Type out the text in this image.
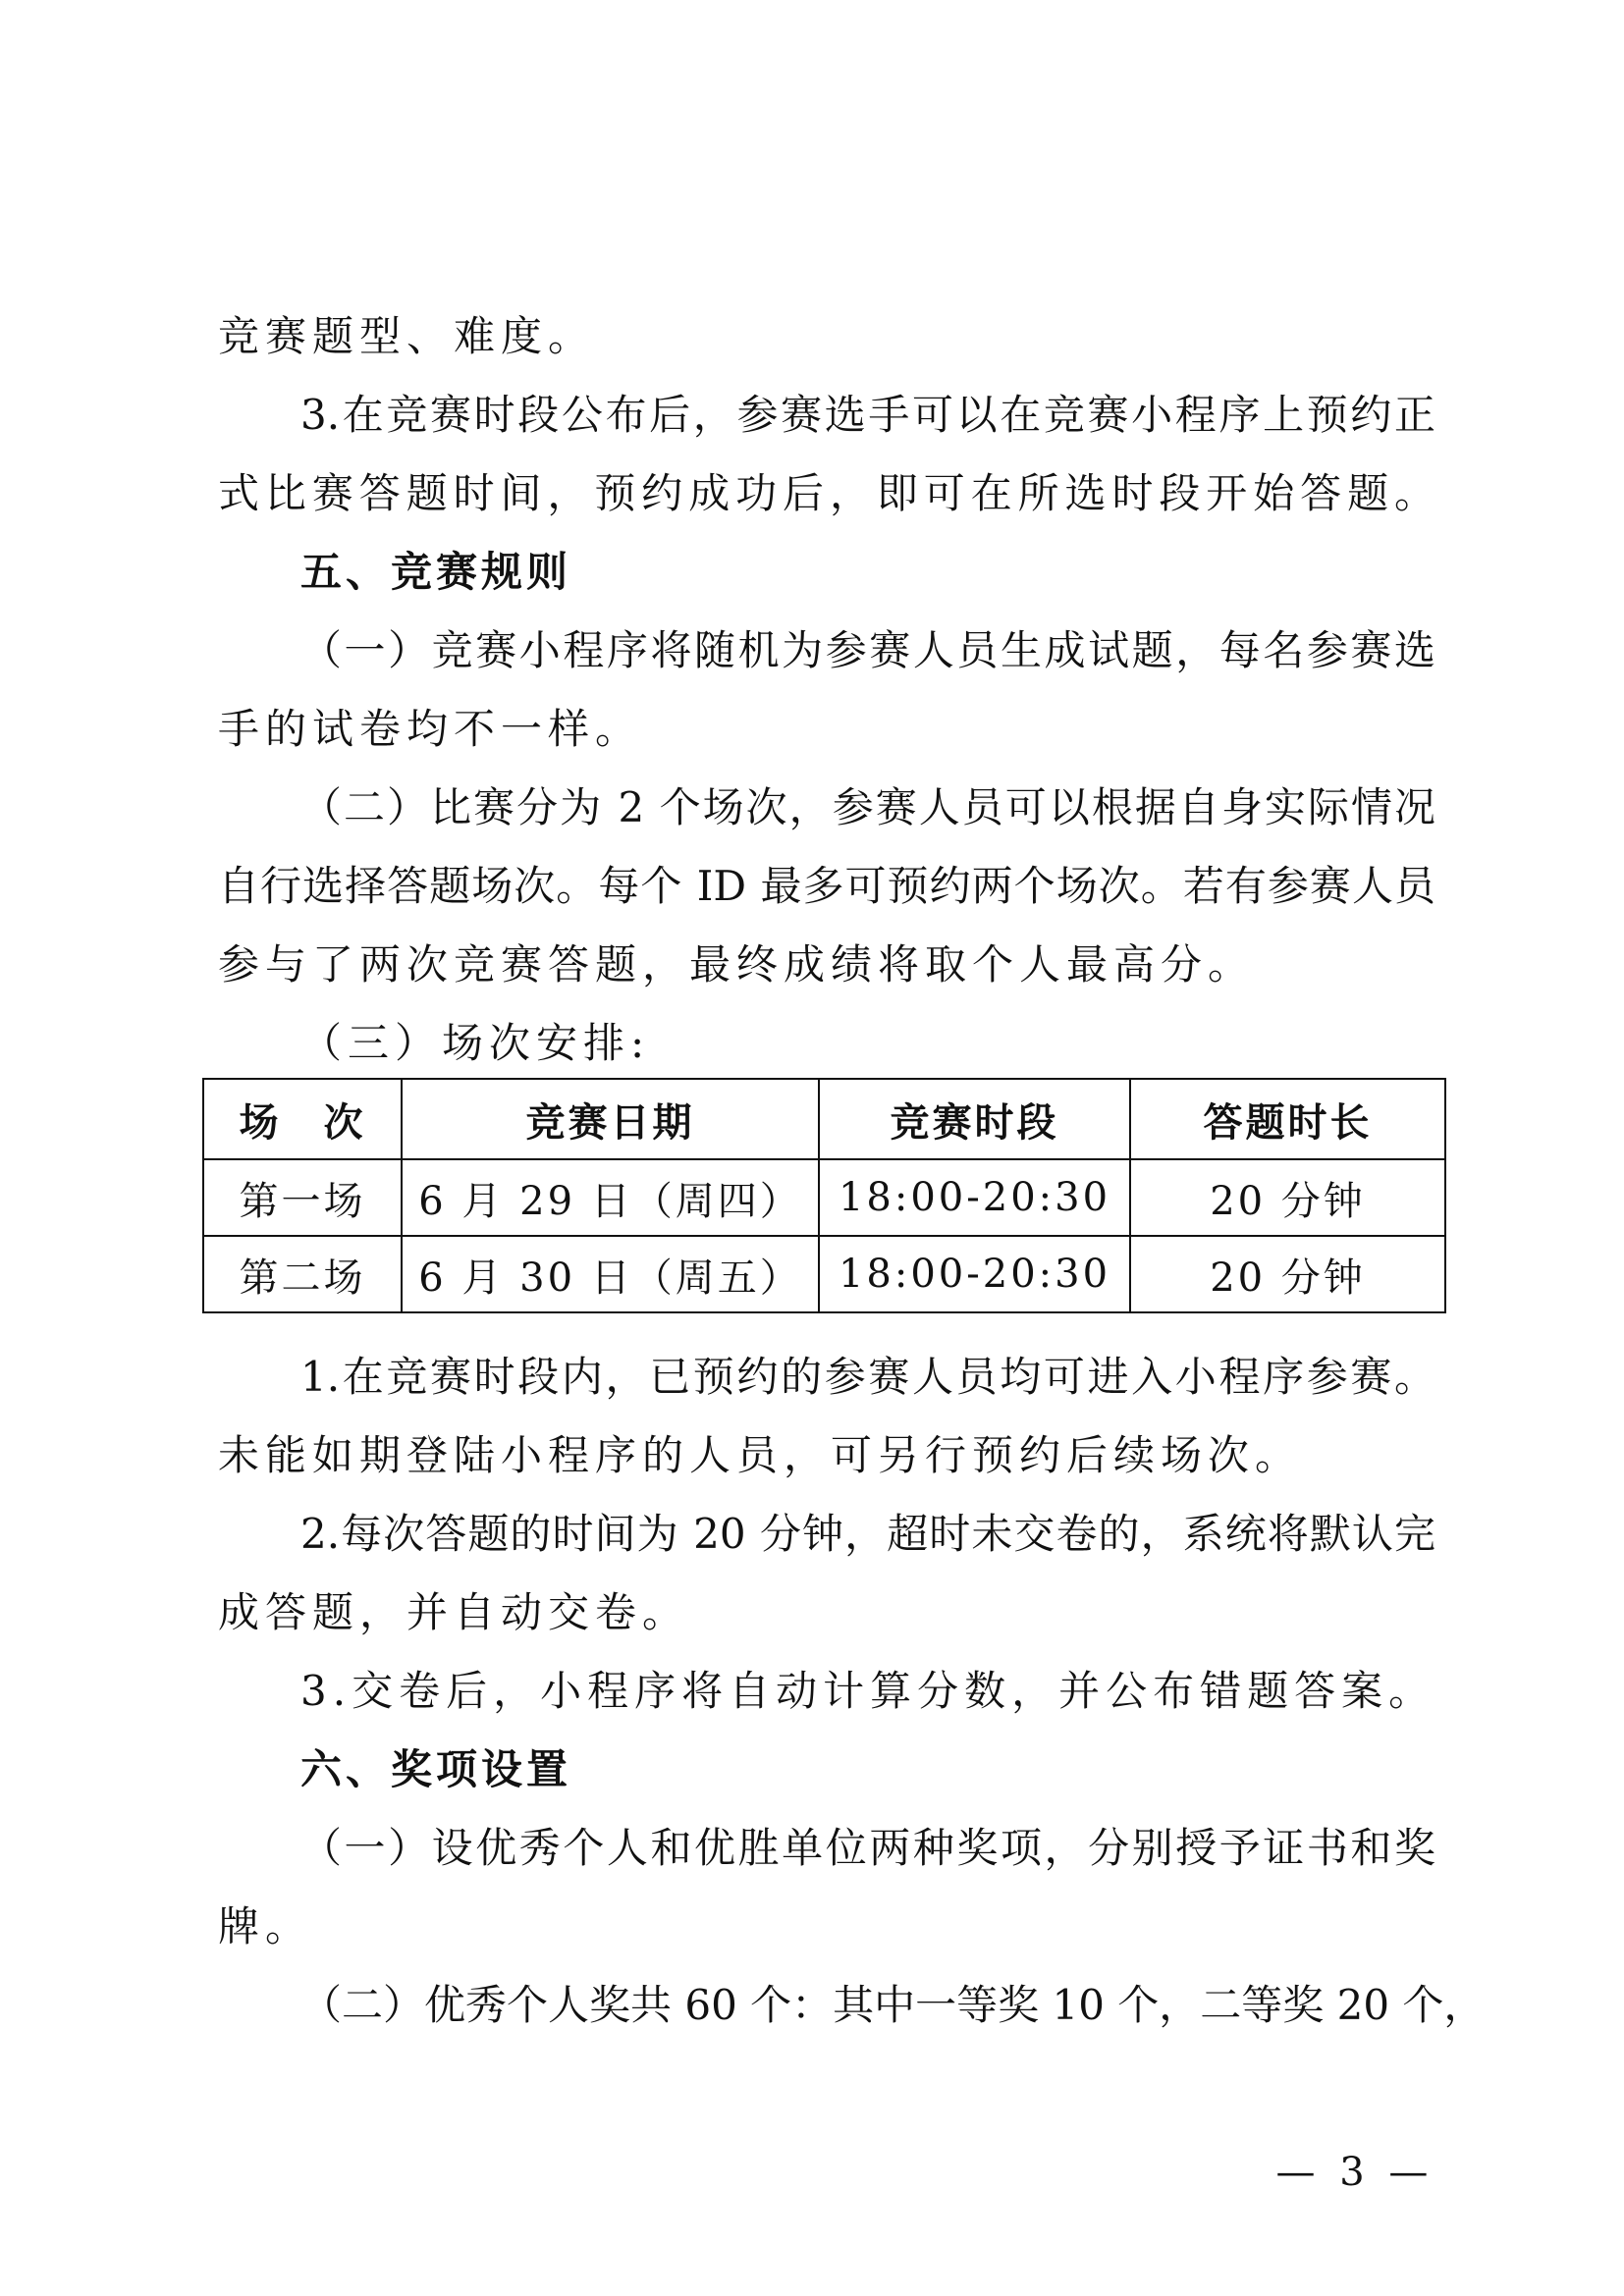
竞赛题型、难度。
3.在竞赛时段公布后，参赛选手可以在竞赛小程序上预约正
式比赛答题时间，预约成功后，即可在所选时段开始答题。
五、竞赛规则
（一）竞赛小程序将随机为参赛人员生成试题，每名参赛选
手的试卷均不一样。
（二）比赛分为 2 个场次，参赛人员可以根据自身实际情况
自行选择答题场次。每个 ID 最多可预约两个场次。若有参赛人员
参与了两次竞赛答题，最终成绩将取个人最高分。
（三）场次安排:
场　次	竞赛日期	竞赛时段	答题时长
第一场	6 月 29 日（周四）	18:00-20:30	20 分钟
第二场	6 月 30 日（周五）	18:00-20:30	20 分钟
1.在竞赛时段内，已预约的参赛人员均可进入小程序参赛。
未能如期登陆小程序的人员，可另行预约后续场次。
2.每次答题的时间为 20 分钟，超时未交卷的，系统将默认完
成答题，并自动交卷。
3.交卷后，小程序将自动计算分数，并公布错题答案。
六、奖项设置
（一）设优秀个人和优胜单位两种奖项，分别授予证书和奖
牌。
（二）优秀个人奖共 60 个：其中一等奖 10 个，二等奖 20 个，
— 3 —
